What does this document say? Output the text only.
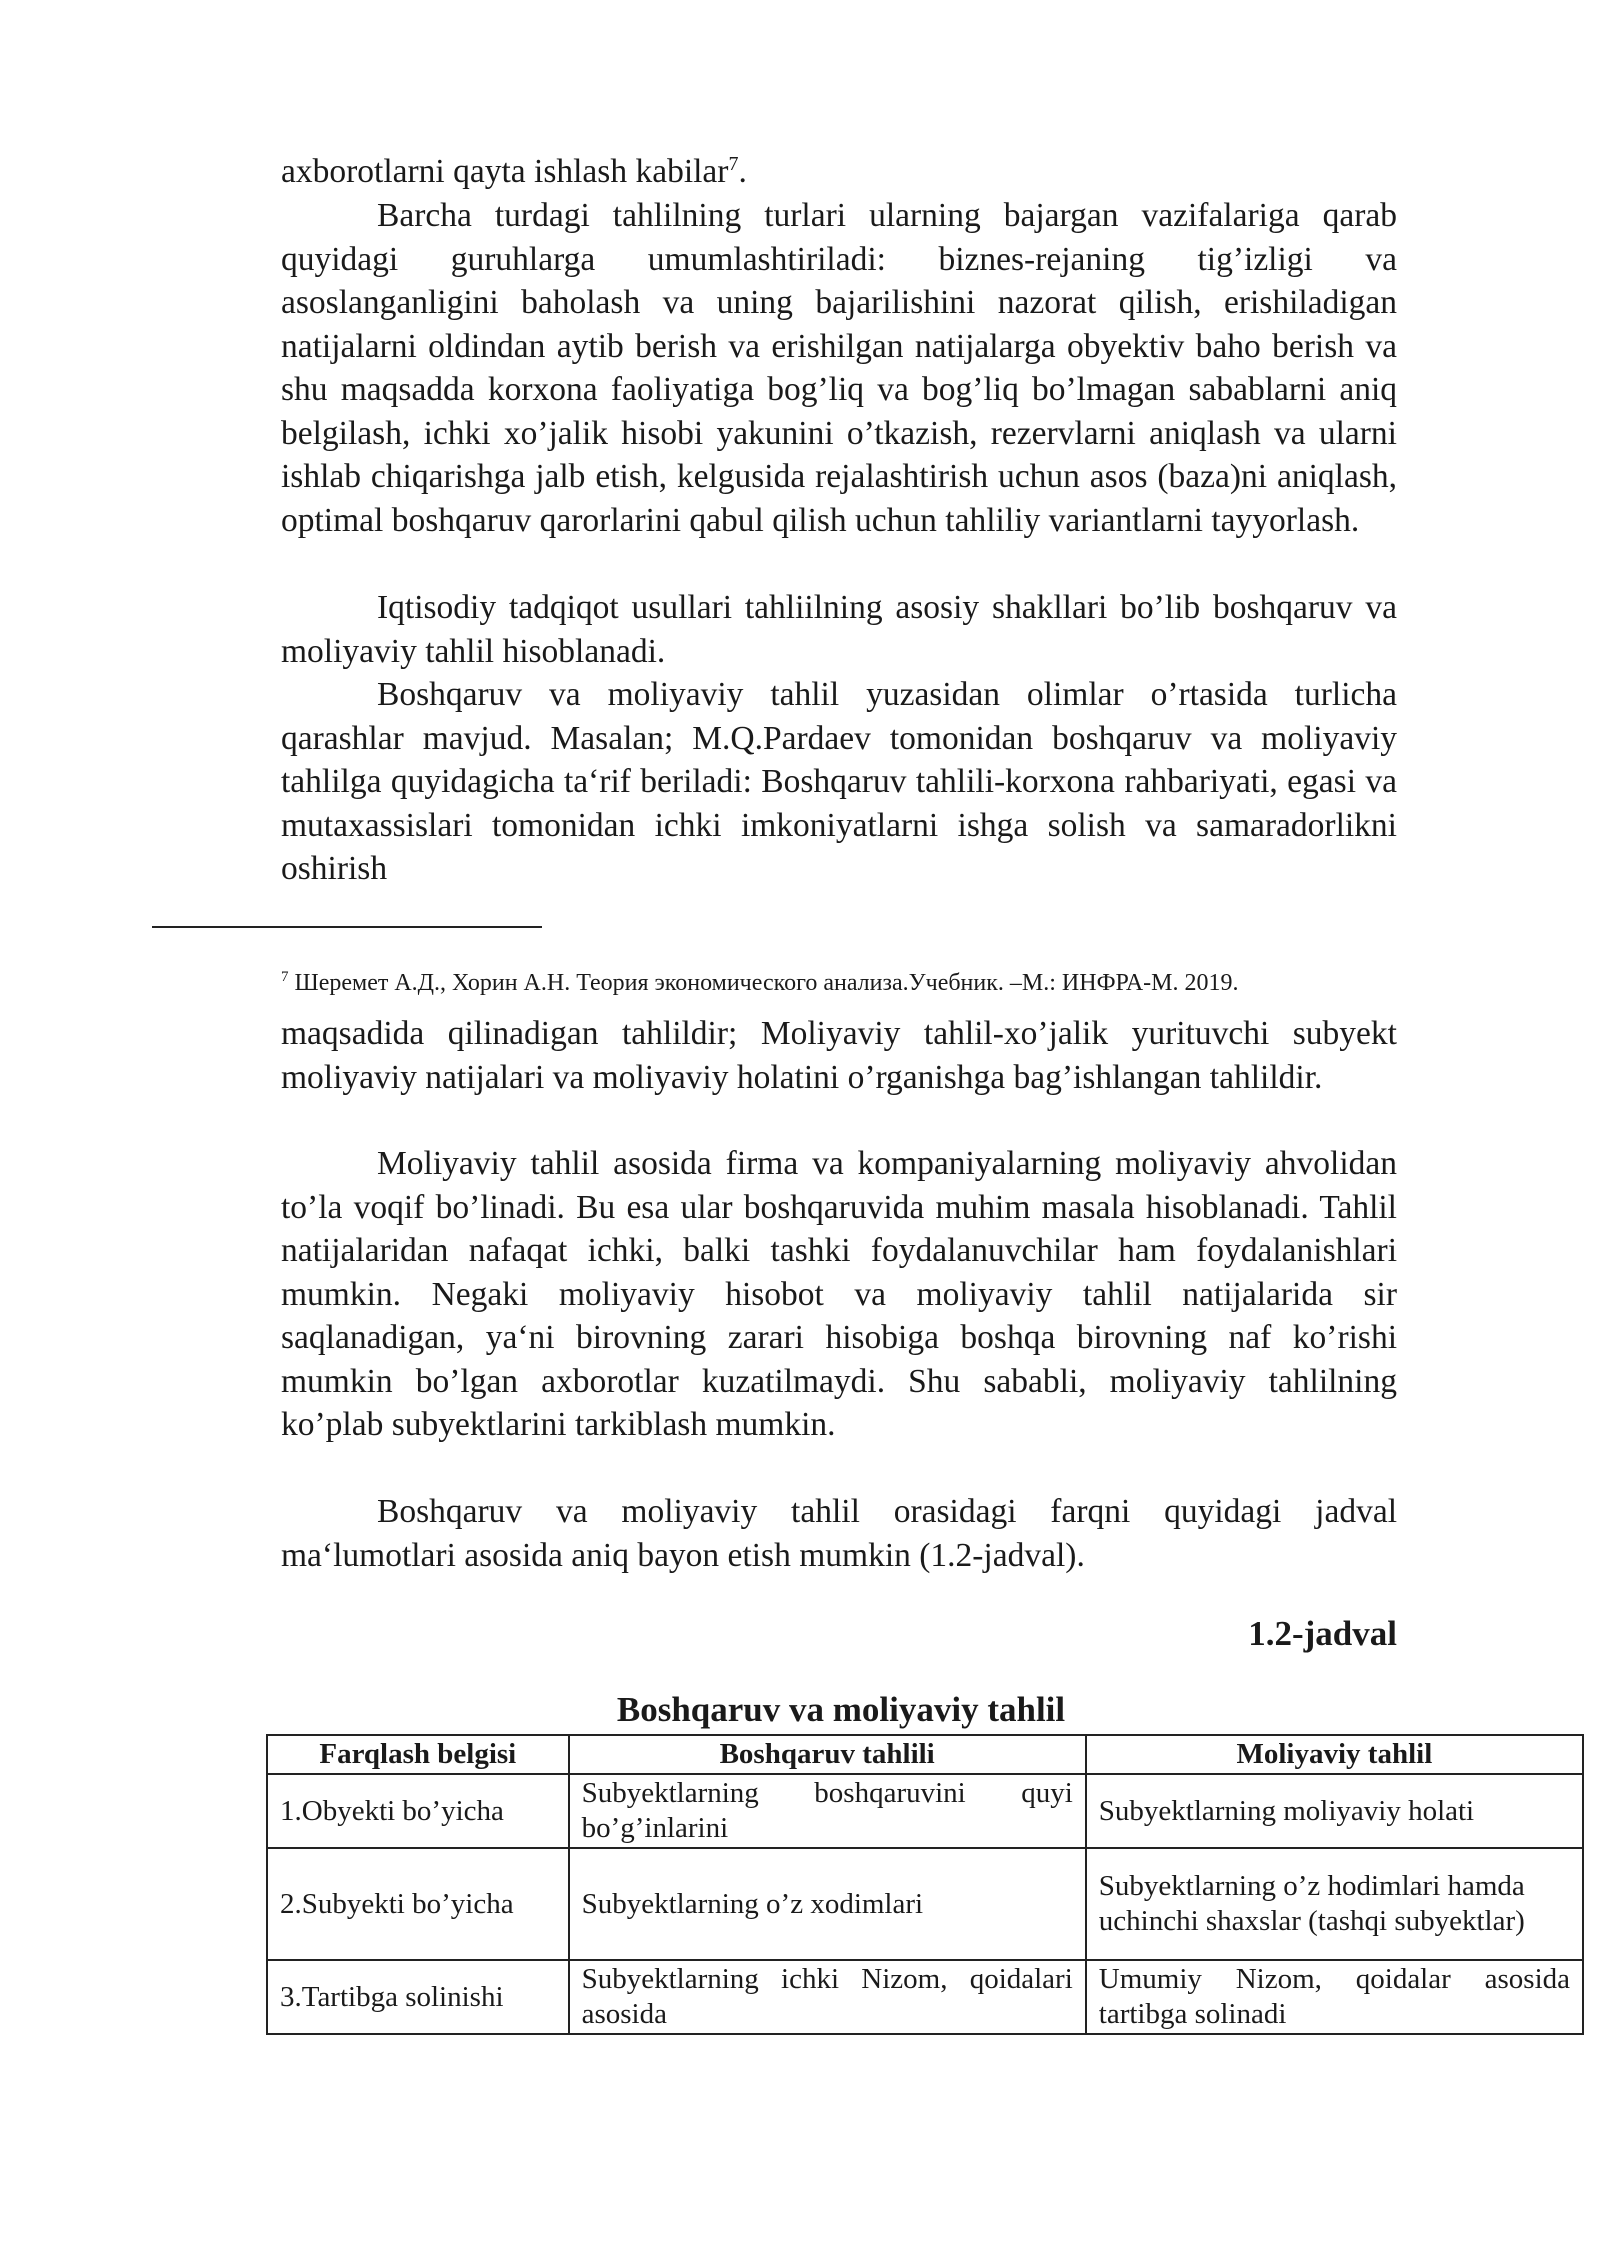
axborotlarni qayta ishlash kabilar$^7$.

Barcha turdagi tahlilning turlari ularning bajargan vazifalariga qarab quyidagi guruhlarga umumlashtiriladi: biznes-rejaning tig’izligi va asoslanganligini baholash va uning bajarilishini nazorat qilish, erishiladigan natijalarni oldindan aytib berish va erishilgan natijalarga obyektiv baho berish va shu maqsadda korxona faoliyatiga bog’liq va bog’liq bo’lmagan sabablarni aniq belgilash, ichki xo’jalik hisobi yakunini o’tkazish, rezervlarni aniqlash va ularni ishlab chiqarishga jalb etish, kelgusida rejalashtirish uchun asos (baza)ni aniqlash, optimal boshqaruv qarorlarini qabul qilish uchun tahliliy variantlarni tayyorlash.

Iqtisodiy tadqiqot usullari tahliilning asosiy shakllari bo’lib boshqaruv va moliyaviy tahlil hisoblanadi.

Boshqaruv va moliyaviy tahlil yuzasidan olimlar o’rtasida turlicha qarashlar mavjud. Masalan; M.Q.Pardaev tomonidan boshqaruv va moliyaviy tahlilga quyidagicha ta‘rif beriladi: Boshqaruv tahlili-korxona rahbariyati, egasi va mutaxassislari tomonidan ichki imkoniyatlarni ishga solish va samaradorlikni oshirish

$^7$ Шеремет А.Д., Хорин А.Н. Теория экономического анализа.Учебник. –М.: ИНФРА-М. 2019.

maqsadida qilinadigan tahlildir; Moliyaviy tahlil-xo’jalik yurituvchi subyekt moliyaviy natijalari va moliyaviy holatini o’rganishga bag’ishlangan tahlildir.

Moliyaviy tahlil asosida firma va kompaniyalarning moliyaviy ahvolidan to’la voqif bo’linadi. Bu esa ular boshqaruvida muhim masala hisoblanadi. Tahlil natijalaridan nafaqat ichki, balki tashki foydalanuvchilar ham foydalanishlari mumkin. Negaki moliyaviy hisobot va moliyaviy tahlil natijalarida sir saqlanadigan, ya‘ni birovning zarari hisobiga boshqa birovning naf ko’rishi mumkin bo’lgan axborotlar kuzatilmaydi. Shu sababli, moliyaviy tahlilning ko’plab subyektlarini tarkiblash mumkin.

Boshqaruv va moliyaviy tahlil orasidagi farqni quyidagi jadval ma‘lumotlari asosida aniq bayon etish mumkin (1.2-jadval).

1.2-jadval

Boshqaruv va moliyaviy tahlil

Farqlash belgisi	Boshqaruv tahlili	Moliyaviy tahlil
1.Obyekti bo’yicha	Subyektlarning boshqaruvini quyi bo’g’inlarini	Subyektlarning moliyaviy holati
2.Subyekti bo’yicha	Subyektlarning o’z xodimlari	Subyektlarning o’z hodimlari hamda uchinchi shaxslar (tashqi subyektlar)
3.Tartibga solinishi	Subyektlarning ichki Nizom, qoidalari asosida	Umumiy Nizom, qoidalar asosida tartibga solinadi
